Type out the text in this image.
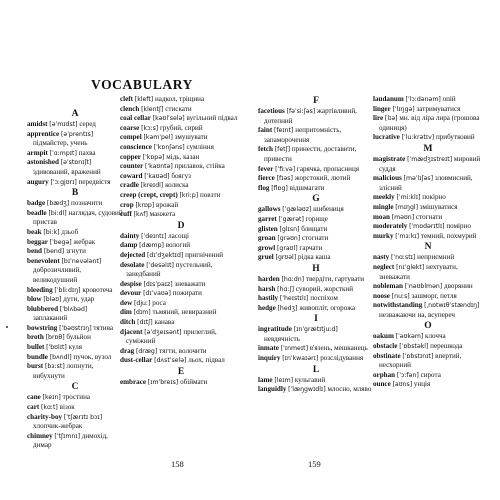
VOCABULARY
A
amidst [əˈmɪdst] серед
apprentice [əˈprentɪs] підмайстер, учень
armpit [ˈɑːmpɪt] пахва
astonished [əˈstɒnɪʃt] здивований, вражений
augury [ˈɔːgjʊrɪ] передвістя
B
badge [bædʒ] позначити
beadle [biːdl] наглядач, судовий пристав
beak [biːk] дзьоб
beggar [ˈbegə] жебрак
bend [bend] згнути
benevolent [bɪˈnevələnt] доброзичливий, великодушний
bleeding [ˈbliːdɪŋ] кровотеча
blow [bləʊ] дути, удар
blubbered [ˈblʌbəd] заплаканий
bowstring [ˈbəʊstrɪŋ] тятива
broth [brɒθ] бульйон
bullet [ˈbʊlɪt] куля
bundle [bʌndl] пучок, вузол
burst [bɜːst] лопнути, вибухнути
C
cane [keɪn] тростина
cart [kɑːt] візок
charity-boy [ˈtʃærɪtɪ bɔɪ] хлопчик-жебрак
chimney [ˈtʃɪmnɪ] димохід, димар
cleft [kleft] надкол, тріщина
clench [klentʃ] стискати
coal cellar [kəʊlˈselə] вугільний підвал
coarse [kɔːs] грубий, сирий
compel [kəmˈpel] змушувати
conscience [ˈkɒnʃəns] сумління
copper [ˈkɒpə] мідь, казан
counter [ˈkaʊntə] прилавок, стійка
coward [ˈkaʊəd] боягуз
cradle [kreɪdl] колиска
creep (crept, crept) [kriːp] повзти
crop [krɒp] врожай
cuff [kʌf] манжета
D
dainty [ˈdeɪntɪ] ласощі
damp [dæmp] вологий
dejected [dɪˈdʒektɪd] пригнічений
desolate [ˈdesəlɪt] пустельний, занедбаний
despise [dɪsˈpaɪz] зневажати
devour [dɪˈvaʊə] пожирати
dew [djuː] роса
dim [dɪm] тьмяний, невиразний
ditch [dɪtʃ] канава
djacent [əˈdʒeɪsənt] прилеглий, суміжний
drag [dræg] тягти, волочити
dust-cellar [dʌstˈselə] льох, підвал
E
embrace [ɪmˈbreɪs] обіймати
F
facetious [fəˈsiːʃəs] жартівливий, дотепний
faint [feɪnt] непритомність, запаморочення
fetch [fetʃ] принести, доставити, привести
fever [ˈfiːvə] гарячка, пропасниця
fierce [fɪəs] жорстокий, лютий
flog [flɒg] відшмагати
G
gallows [ˈgæləʊz] шибениця
garret [ˈgærət] горище
glisten [glɪsn] блищати
groan [grəʊn] стогнати
growl [graʊl] гарчати
gruel [grʊəl] рідка каша
H
harden [hɑːdn] твердіти, гартувати
harsh [hɑːʃ] суворий, жорсткий
hastily [ˈheɪstɪlɪ] поспіхом
hedge [hedʒ] живопліт, огорожа
I
ingratitude [ɪnˈgrætɪtjuːd] невдячність
inmate [ˈɪnmeɪt] в'язень, мешканець
inquiry [ɪnˈkwaɪərɪ] розслідування
L
lame [leɪm] кульгавий
languidly [ˈlæŋgwɪdlɪ] млосно, мляво
laudanum [ˈlɔːdənəm] опій
linger [ˈlɪŋgə] затримуватися
lire [lɪə] мн. від ліра лира (грошова одиниця)
lucrative [ˈluːkrətɪv] прибутковий
M
magistrate [ˈmædʒɪstreɪt] мировий суддя
malicious [məˈlɪʃəs] зловмисний, злісний
meekly [ˈmiːklɪ] покірно
mingle [mɪŋgl] змішуватися
moan [məʊn] стогнати
moderately [ˈmɒdərɪtlɪ] помірно
murky [ˈmɜːkɪ] темний, похмурий
N
nasty [ˈnɑːstɪ] неприємний
neglect [nɪˈglekt] нехтувати, зневажати
nobleman [ˈnəʊblmən] дворянин
noose [nuːs] зашморг, петля
notwithstanding [ˌnɒtwɪθˈstændɪŋ] незважаючи на, всупереч
O
oakum [ˈəʊkəm] клочча
obstacle [ˈɒbstəkl] перешкода
obstinate [ˈɒbstɪnɪt] впертий, несхорний
orphan [ˈɔːfən] сирота
ounce [aʊns] унція
158	159
